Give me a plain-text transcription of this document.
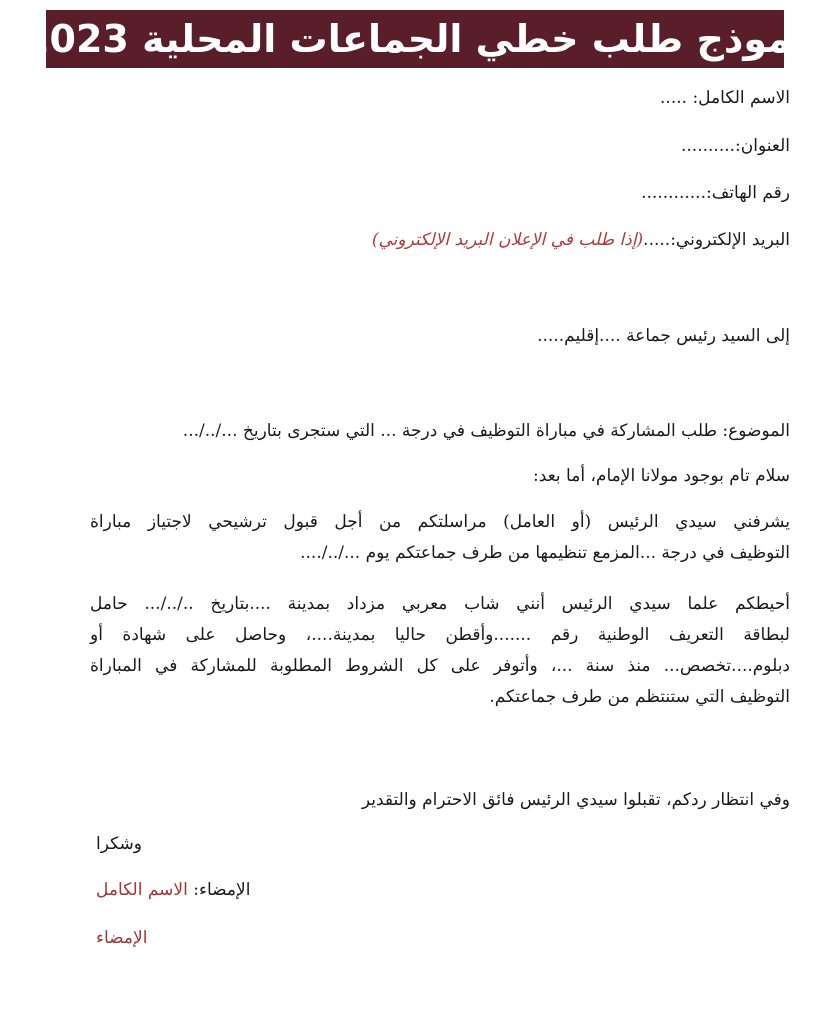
نموذج طلب خطي الجماعات المحلية 2023
الاسم الكامل: .....
العنوان:..........
رقم الهاتف:............
البريد الإلكتروني:.....(إذا طلب في الإعلان البريد الإلكتروني)
إلى السيد رئيس جماعة ....إقليم.....
الموضوع: طلب المشاركة في مباراة التوظيف في درجة ... التي ستجرى بتاريخ .../../...
سلام تام بوجود مولانا الإمام، أما بعد:
يشرفني سيدي الرئيس (أو العامل) مراسلتكم من أجل قبول ترشيحي لاجتياز مباراة
التوظيف في درجة ...المزمع تنظيمها من طرف جماعتكم يوم .../../....
أحيطكم علما سيدي الرئيس أنني شاب معربي مزداد بمدينة ....بتاريخ ../../... حامل
لبطاقة التعريف الوطنية رقم .......وأقطن حاليا بمدينة....، وحاصل على شهادة أو
دبلوم....تخصص... منذ سنة ...، وأتوفر على كل الشروط المطلوبة للمشاركة في المباراة
التوظيف التي ستنتظم من طرف جماعتكم.
وفي انتظار ردكم، تقبلوا سيدي الرئيس فائق الاحترام والتقدير
وشكرا
الإمضاء: الاسم الكامل
الإمضاء
